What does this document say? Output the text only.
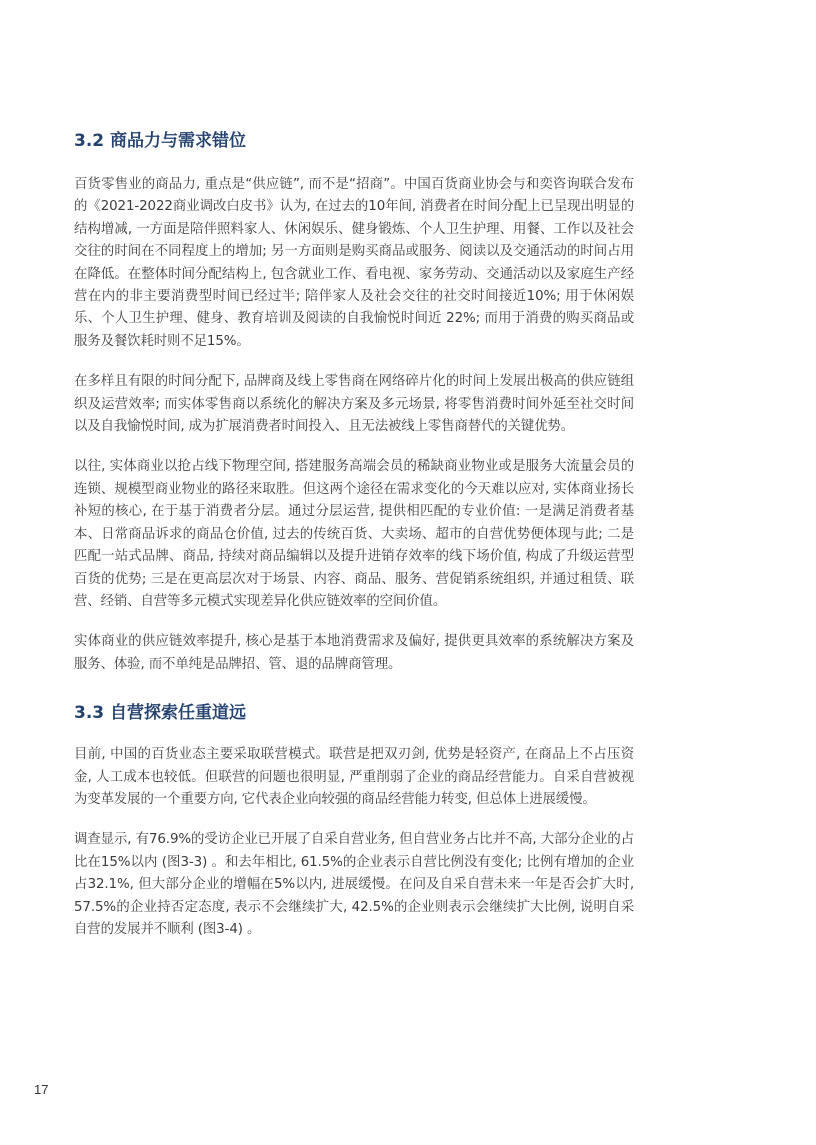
3.2 商品力与需求错位

百货零售业的商品力, 重点是“供应链”, 而不是“招商”。中国百货商业协会与和奕咨询联合发布的《2021-2022商业调改白皮书》认为, 在过去的10年间, 消费者在时间分配上已呈现出明显的结构增减, 一方面是陪伴照料家人、休闲娱乐、健身锻炼、个人卫生护理、用餐、工作以及社会交往的时间在不同程度上的增加; 另一方面则是购买商品或服务、阅读以及交通活动的时间占用在降低。在整体时间分配结构上, 包含就业工作、看电视、家务劳动、交通活动以及家庭生产经营在内的非主要消费型时间已经过半; 陪伴家人及社会交往的社交时间接近10%; 用于休闲娱乐、个人卫生护理、健身、教育培训及阅读的自我愉悦时间近 22%; 而用于消费的购买商品或服务及餐饮耗时则不足15%。

在多样且有限的时间分配下, 品牌商及线上零售商在网络碎片化的时间上发展出极高的供应链组织及运营效率; 而实体零售商以系统化的解决方案及多元场景, 将零售消费时间外延至社交时间以及自我愉悦时间, 成为扩展消费者时间投入、且无法被线上零售商替代的关键优势。

以往, 实体商业以抢占线下物理空间, 搭建服务高端会员的稀缺商业物业或是服务大流量会员的连锁、规模型商业物业的路径来取胜。但这两个途径在需求变化的今天难以应对, 实体商业扬长补短的核心, 在于基于消费者分层。通过分层运营, 提供相匹配的专业价值: 一是满足消费者基本、日常商品诉求的商品仓价值, 过去的传统百货、大卖场、超市的自营优势便体现与此; 二是匹配一站式品牌、商品, 持续对商品编辑以及提升进销存效率的线下场价值, 构成了升级运营型百货的优势; 三是在更高层次对于场景、内容、商品、服务、营促销系统组织, 并通过租赁、联营、经销、自营等多元模式实现差异化供应链效率的空间价值。

实体商业的供应链效率提升, 核心是基于本地消费需求及偏好, 提供更具效率的系统解决方案及服务、体验, 而不单纯是品牌招、管、退的品牌商管理。

3.3 自营探索任重道远

目前, 中国的百货业态主要采取联营模式。联营是把双刃剑, 优势是轻资产, 在商品上不占压资金, 人工成本也较低。但联营的问题也很明显, 严重削弱了企业的商品经营能力。自采自营被视为变革发展的一个重要方向, 它代表企业向较强的商品经营能力转变, 但总体上进展缓慢。

调查显示, 有76.9%的受访企业已开展了自采自营业务, 但自营业务占比并不高, 大部分企业的占比在15%以内 (图3-3) 。和去年相比, 61.5%的企业表示自营比例没有变化; 比例有增加的企业占32.1%, 但大部分企业的增幅在5%以内, 进展缓慢。在问及自采自营未来一年是否会扩大时, 57.5%的企业持否定态度, 表示不会继续扩大, 42.5%的企业则表示会继续扩大比例, 说明自采自营的发展并不顺利 (图3-4) 。

17
